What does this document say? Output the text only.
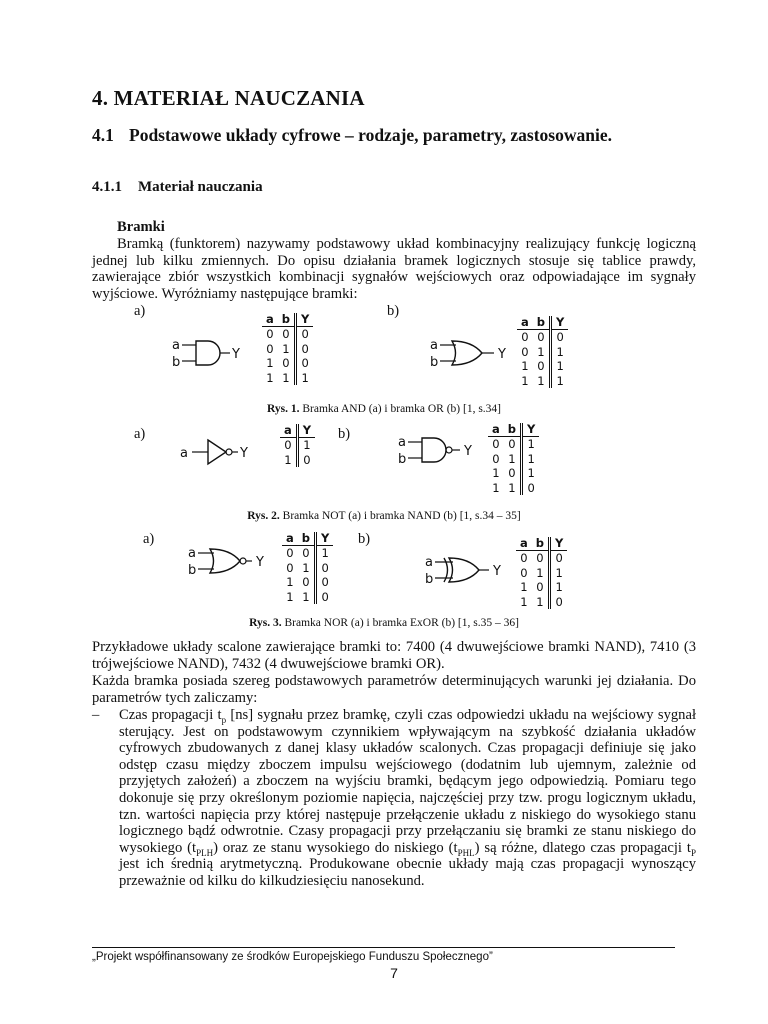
4. MATERIAŁ NAUCZANIA
4.1 Podstawowe układy cyfrowe – rodzaje, parametry, zastosowanie.
4.1.1 Materiał nauczania

Bramki

Bramką (funktorem) nazywamy podstawowy układ kombinacyjny realizujący funkcję logiczną jednej lub kilku zmiennych. Do opisu działania bramek logicznych stosuje się tablice prawdy, zawierające zbiór wszystkich kombinacji sygnałów wejściowych oraz odpowiadające im sygnały wyjściowe. Wyróżniamy następujące bramki:

a)	b)
a
b
Y
a	b	Y
0	0	0
0	1	0
1	0	0
1	1	1
a
b
Y
a	b	Y
0	0	0
0	1	1
1	0	1
1	1	1
Rys. 1. Bramka AND (a) i bramka OR (b) [1, s.34]
a)	b)
a	Y
a	Y
0	1
1	0
a
b
Y
a	b	Y
0	0	1
0	1	1
1	0	1
1	1	0
Rys. 2. Bramka NOT (a) i bramka NAND (b) [1, s.34 – 35]
a)	b)
a
b
Y
a	b	Y
0	0	1
0	1	0
1	0	0
1	1	0
a
b
Y
a	b	Y
0	0	0
0	1	1
1	0	1
1	1	0
Rys. 3. Bramka NOR (a) i bramka ExOR (b) [1, s.35 – 36]

Przykładowe układy scalone zawierające bramki to: 7400 (4 dwuwejściowe bramki NAND), 7410 (3 trójwejściowe NAND), 7432 (4 dwuwejściowe bramki OR).

Każda bramka posiada szereg podstawowych parametrów determinujących warunki jej działania. Do parametrów tych zaliczamy:

– Czas propagacji $t_p$ [ns] sygnału przez bramkę, czyli czas odpowiedzi układu na wejściowy sygnał sterujący. Jest on podstawowym czynnikiem wpływającym na szybkość działania układów cyfrowych zbudowanych z danej klasy układów scalonych. Czas propagacji definiuje się jako odstęp czasu między zboczem impulsu wejściowego (dodatnim lub ujemnym, zależnie od przyjętych założeń) a zboczem na wyjściu bramki, będącym jego odpowiedzią. Pomiaru tego dokonuje się przy określonym poziomie napięcia, najczęściej przy tzw. progu logicznym układu, tzn. wartości napięcia przy której następuje przełączenie układu z niskiego do wysokiego stanu logicznego bądź odwrotnie. Czasy propagacji przy przełączaniu się bramki ze stanu niskiego do wysokiego $(t_{PLH})$ oraz ze stanu wysokiego do niskiego $(t_{PHL})$ są różne, dlatego czas propagacji $t_P$ jest ich średnią arytmetyczną. Produkowane obecnie układy mają czas propagacji wynoszący przeważnie od kilku do kilkudziesięciu nanosekund.
„Projekt współfinansowany ze środków Europejskiego Funduszu Społecznego”
7
